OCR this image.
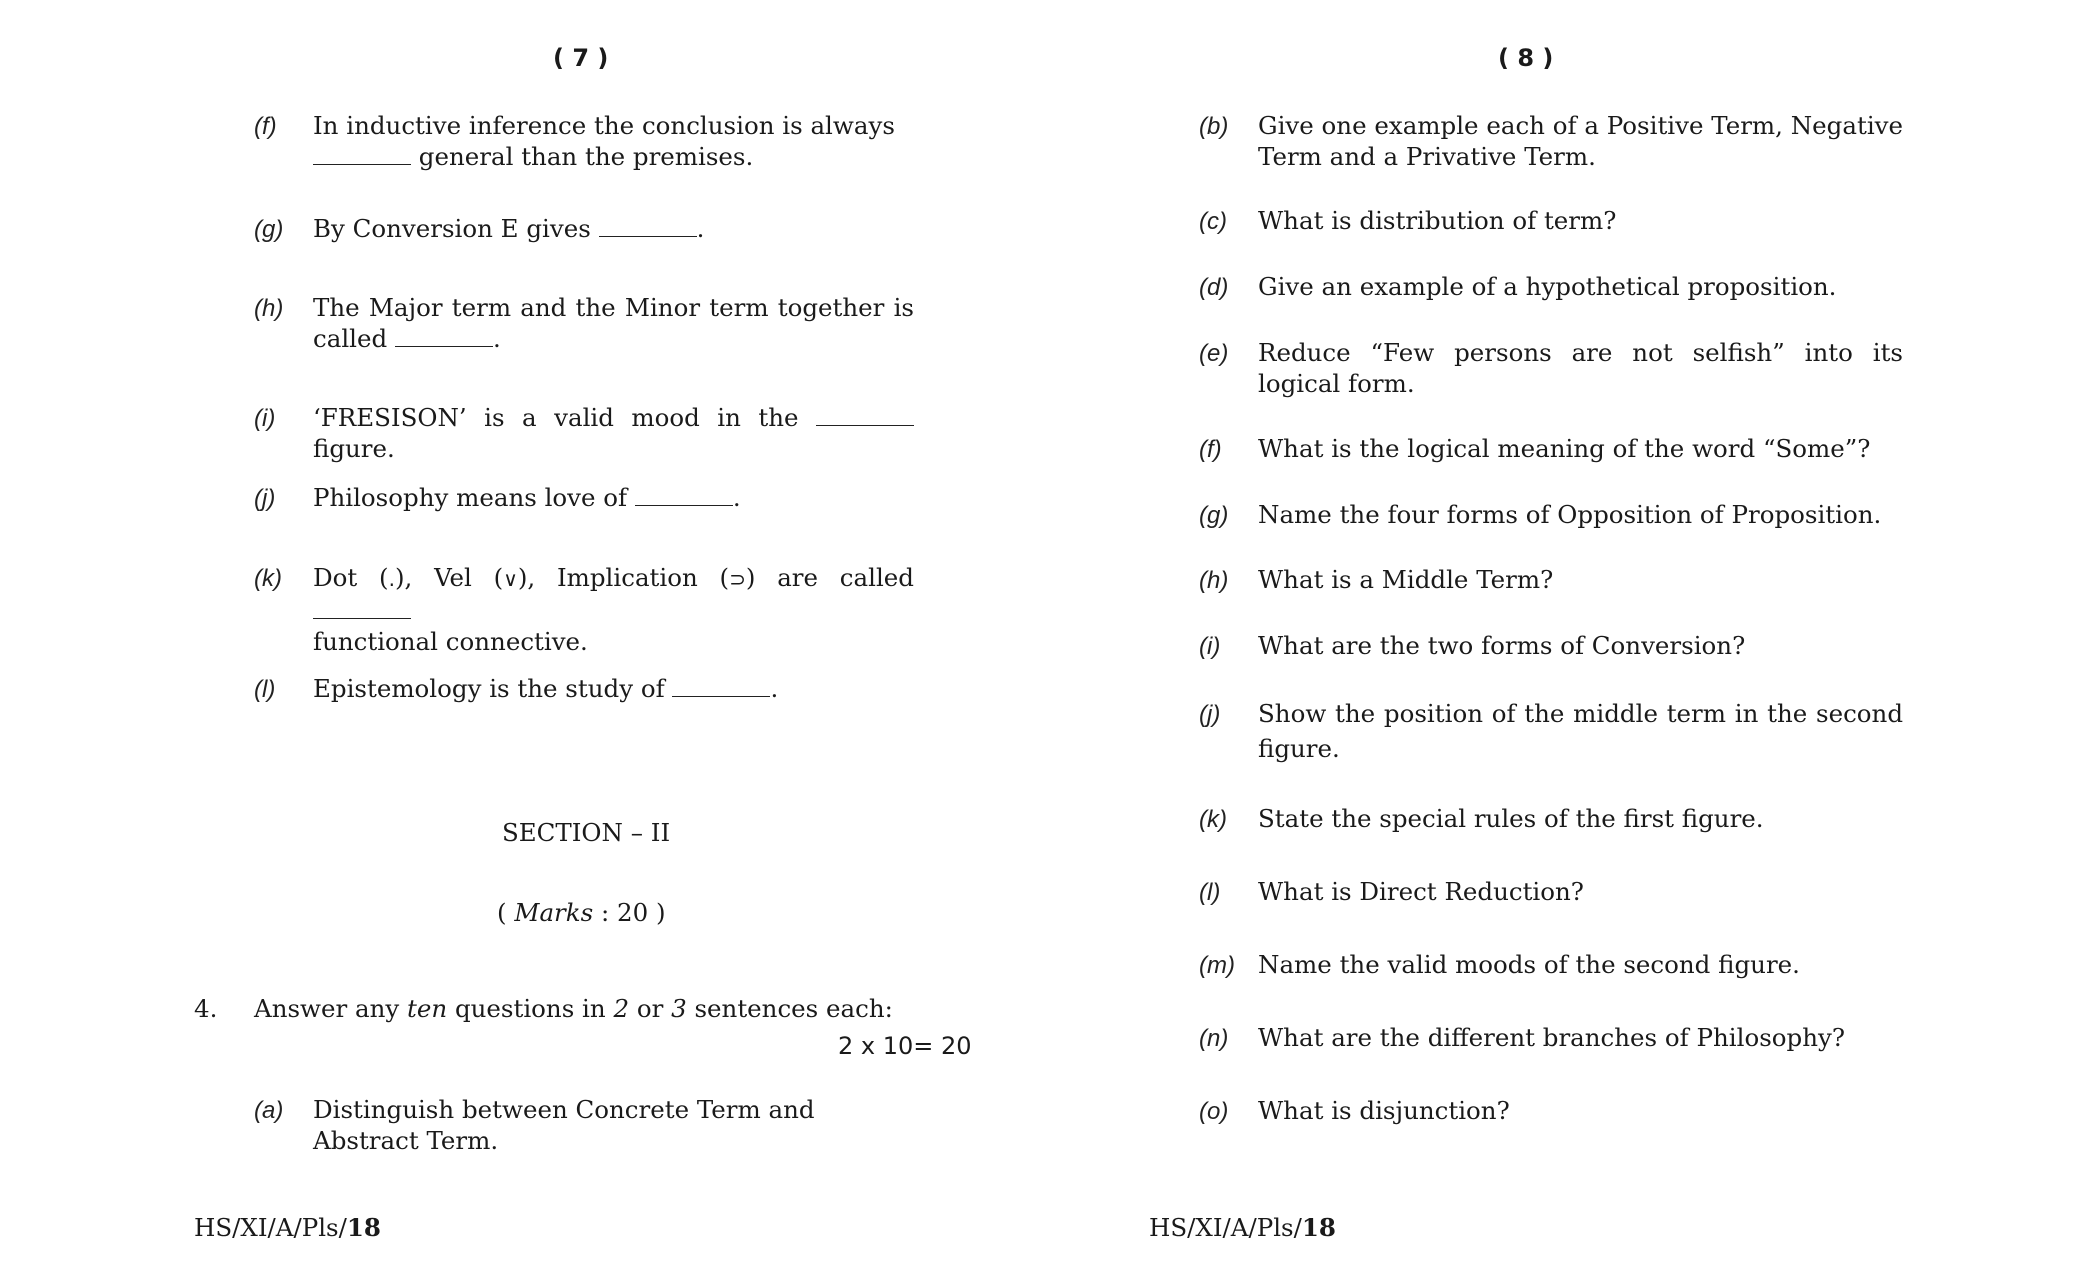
( 7 )
(f) In inductive inference the conclusion is always
general than the premises.
(g) By Conversion E gives	.
(h) The Major term and the Minor term together is called	.
(i) ‘FRESISON’ is a valid mood in the  figure.
(j) Philosophy means love of	.
(k) Dot (.), Vel (∨), Implication (⊃) are called
functional connective.
(l) Epistemology is the study of	.
SECTION – II
( Marks : 20 )
4. Answer any ten questions in 2 or 3 sentences each:
2 x 10= 20
(a) Distinguish between Concrete Term and Abstract Term.
HS/XI/A/Pls/18
( 8 )
(b) Give one example each of a Positive Term, Negative Term and a Privative Term.
(c) What is distribution of term?
(d) Give an example of a hypothetical proposition.
(e) Reduce “Few persons are not selfish” into its logical form.
(f) What is the logical meaning of the word “Some”?
(g) Name the four forms of Opposition of Proposition.
(h) What is a Middle Term?
(i) What are the two forms of Conversion?
(j) Show the position of the middle term in the second figure.
(k) State the special rules of the first figure.
(l) What is Direct Reduction?
(m) Name the valid moods of the second figure.
(n) What are the different branches of Philosophy?
(o) What is disjunction?
HS/XI/A/Pls/18
